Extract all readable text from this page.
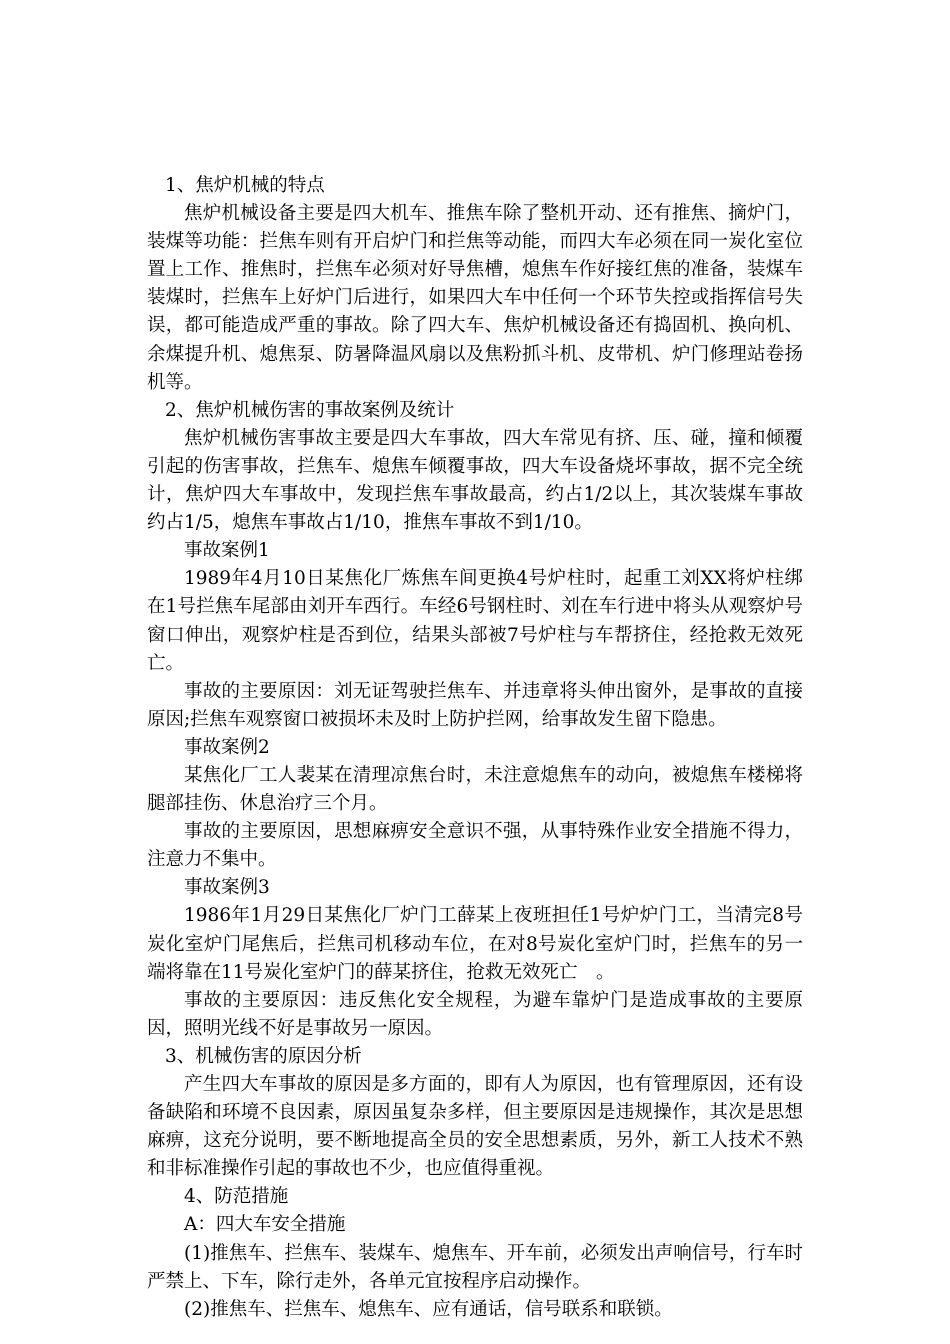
1、焦炉机械的特点

焦炉机械设备主要是四大机车、推焦车除了整机开动、还有推焦、摘炉门，装煤等功能：拦焦车则有开启炉门和拦焦等动能，而四大车必须在同一炭化室位置上工作、推焦时，拦焦车必须对好导焦槽，熄焦车作好接红焦的准备，装煤车装煤时，拦焦车上好炉门后进行，如果四大车中任何一个环节失控或指挥信号失误，都可能造成严重的事故。除了四大车、焦炉机械设备还有捣固机、换向机、余煤提升机、熄焦泵、防暑降温风扇以及焦粉抓斗机、皮带机、炉门修理站卷扬机等。

2、焦炉机械伤害的事故案例及统计

焦炉机械伤害事故主要是四大车事故，四大车常见有挤、压、碰，撞和倾覆引起的伤害事故，拦焦车、熄焦车倾覆事故，四大车设备烧坏事故，据不完全统计，焦炉四大车事故中，发现拦焦车事故最高，约占1/2以上，其次装煤车事故约占1/5，熄焦车事故占1/10，推焦车事故不到1/10。

事故案例1

1989年4月10日某焦化厂炼焦车间更换4号炉柱时，起重工刘XX将炉柱绑在1号拦焦车尾部由刘开车西行。车经6号钢柱时、刘在车行进中将头从观察炉号窗口伸出，观察炉柱是否到位，结果头部被7号炉柱与车帮挤住，经抢救无效死亡。

事故的主要原因：刘无证驾驶拦焦车、并违章将头伸出窗外，是事故的直接原因;拦焦车观察窗口被损坏未及时上防护拦网，给事故发生留下隐患。

事故案例2

某焦化厂工人裴某在清理凉焦台时，未注意熄焦车的动向，被熄焦车楼梯将腿部挂伤、休息治疗三个月。

事故的主要原因，思想麻痹安全意识不强，从事特殊作业安全措施不得力，注意力不集中。

事故案例3

1986年1月29日某焦化厂炉门工薛某上夜班担任1号炉炉门工，当清完8号炭化室炉门尾焦后，拦焦司机移动车位，在对8号炭化室炉门时，拦焦车的另一端将靠在11号炭化室炉门的薛某挤住，抢救无效死亡　。

事故的主要原因：违反焦化安全规程，为避车靠炉门是造成事故的主要原因，照明光线不好是事故另一原因。

3、机械伤害的原因分析

产生四大车事故的原因是多方面的，即有人为原因，也有管理原因，还有设备缺陷和环境不良因素，原因虽复杂多样，但主要原因是违规操作，其次是思想麻痹，这充分说明，要不断地提高全员的安全思想素质，另外，新工人技术不熟和非标准操作引起的事故也不少，也应值得重视。

4、防范措施

A：四大车安全措施

(1)推焦车、拦焦车、装煤车、熄焦车、开车前，必须发出声响信号，行车时严禁上、下车，除行走外，各单元宜按程序启动操作。

(2)推焦车、拦焦车、熄焦车、应有通话，信号联系和联锁。
